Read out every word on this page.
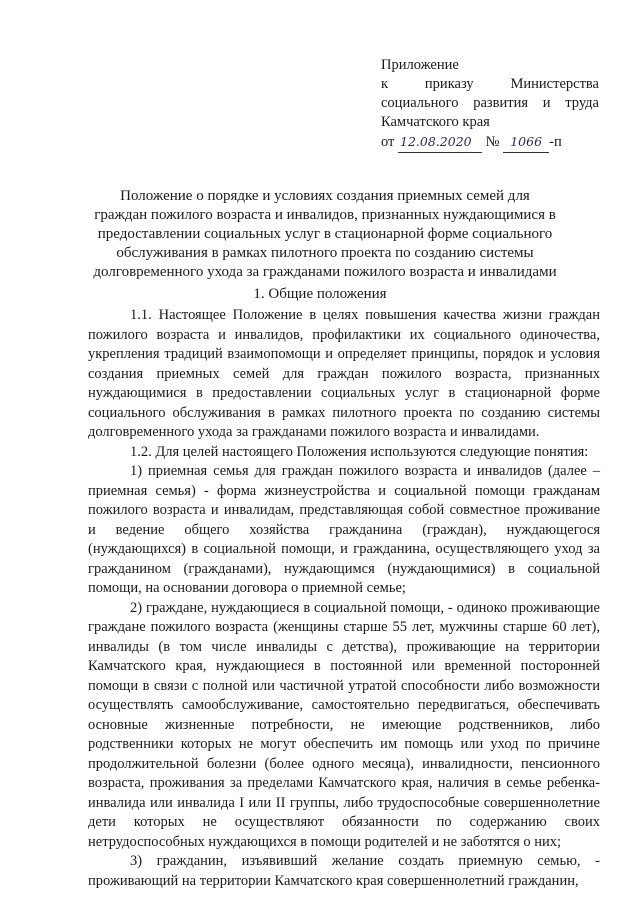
Приложение
к приказу Министерства
социального развития и труда
Камчатского края
от 12.08.2020 № 1066 -п
Положение о порядке и условиях создания приемных семей для граждан пожилого возраста и инвалидов, признанных нуждающимися в предоставлении социальных услуг в стационарной форме социального обслуживания в рамках пилотного проекта по созданию системы долговременного ухода за гражданами пожилого возраста и инвалидами
1. Общие положения

1.1. Настоящее Положение в целях повышения качества жизни граждан пожилого возраста и инвалидов, профилактики их социального одиночества, укрепления традиций взаимопомощи и определяет принципы, порядок и условия создания приемных семей для граждан пожилого возраста, признанных нуждающимися в предоставлении социальных услуг в стационарной форме социального обслуживания в рамках пилотного проекта по созданию системы долговременного ухода за гражданами пожилого возраста и инвалидами.

1.2. Для целей настоящего Положения используются следующие понятия:

1) приемная семья для граждан пожилого возраста и инвалидов (далее – приемная семья) - форма жизнеустройства и социальной помощи гражданам пожилого возраста и инвалидам, представляющая собой совместное проживание и ведение общего хозяйства гражданина (граждан), нуждающегося (нуждающихся) в социальной помощи, и гражданина, осуществляющего уход за гражданином (гражданами), нуждающимся (нуждающимися) в социальной помощи, на основании договора о приемной семье;

2) граждане, нуждающиеся в социальной помощи, - одиноко проживающие граждане пожилого возраста (женщины старше 55 лет, мужчины старше 60 лет), инвалиды (в том числе инвалиды с детства), проживающие на территории Камчатского края, нуждающиеся в постоянной или временной посторонней помощи в связи с полной или частичной утратой способности либо возможности осуществлять самообслуживание, самостоятельно передвигаться, обеспечивать основные жизненные потребности, не имеющие родственников, либо родственники которых не могут обеспечить им помощь или уход по причине продолжительной болезни (более одного месяца), инвалидности, пенсионного возраста, проживания за пределами Камчатского края, наличия в семье ребенка-инвалида или инвалида I или II группы, либо трудоспособные совершеннолетние дети которых не осуществляют обязанности по содержанию своих нетрудоспособных нуждающихся в помощи родителей и не заботятся о них;

3) гражданин, изъявивший желание создать приемную семью, - проживающий на территории Камчатского края совершеннолетний гражданин,
